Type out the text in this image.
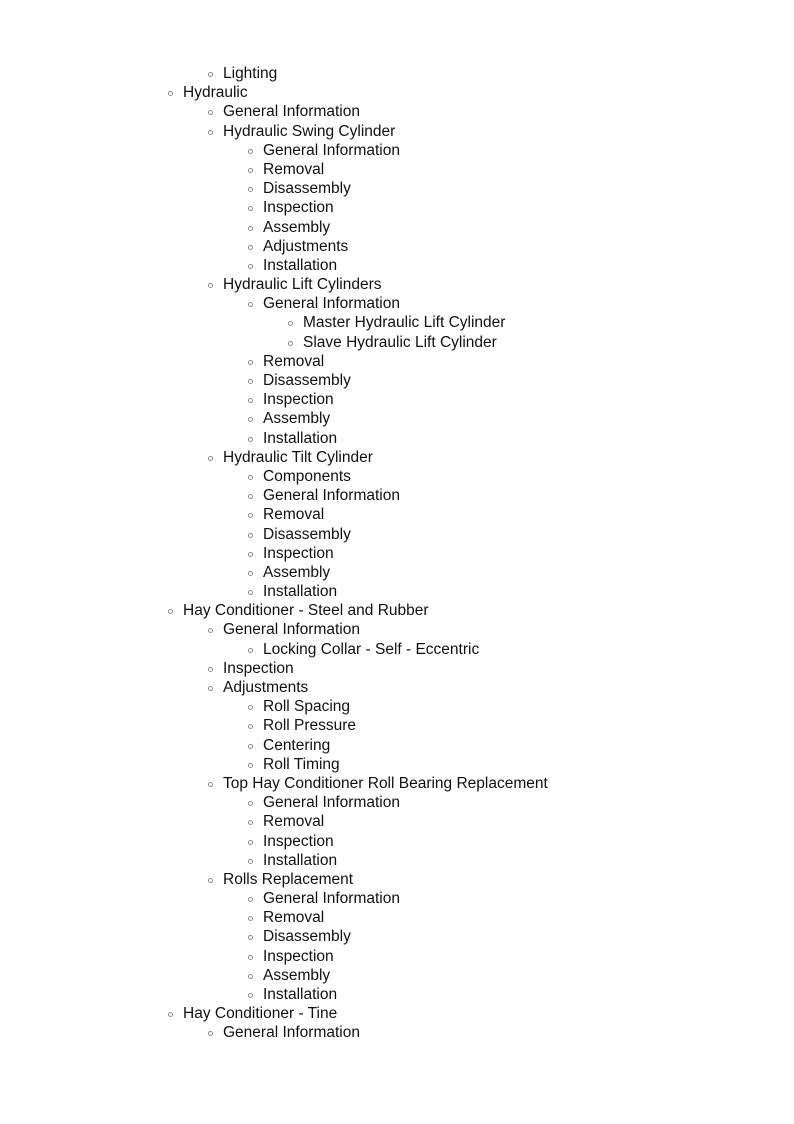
Lighting
Hydraulic
General Information
Hydraulic Swing Cylinder
General Information
Removal
Disassembly
Inspection
Assembly
Adjustments
Installation
Hydraulic Lift Cylinders
General Information
Master Hydraulic Lift Cylinder
Slave Hydraulic Lift Cylinder
Removal
Disassembly
Inspection
Assembly
Installation
Hydraulic Tilt Cylinder
Components
General Information
Removal
Disassembly
Inspection
Assembly
Installation
Hay Conditioner - Steel and Rubber
General Information
Locking Collar - Self - Eccentric
Inspection
Adjustments
Roll Spacing
Roll Pressure
Centering
Roll Timing
Top Hay Conditioner Roll Bearing Replacement
General Information
Removal
Inspection
Installation
Rolls Replacement
General Information
Removal
Disassembly
Inspection
Assembly
Installation
Hay Conditioner - Tine
General Information
